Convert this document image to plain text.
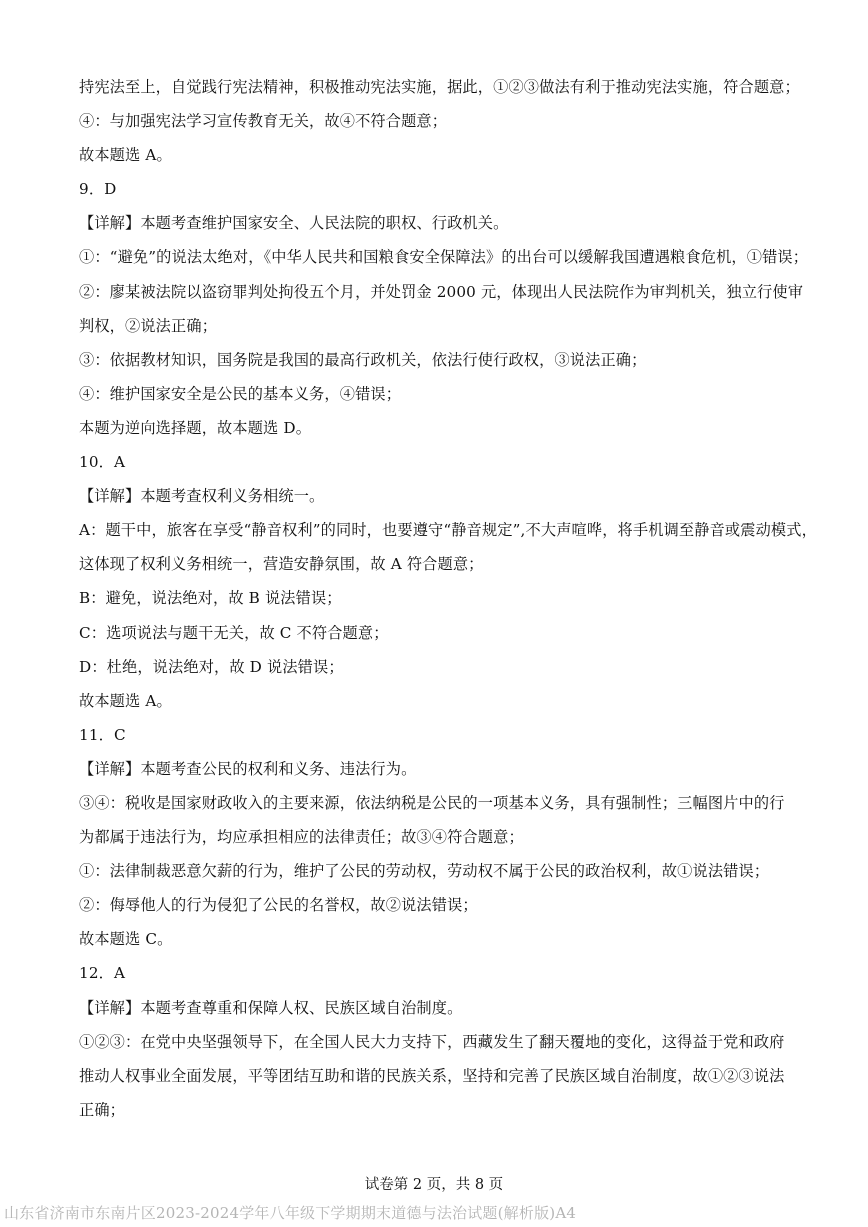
持宪法至上，自觉践行宪法精神，积极推动宪法实施，据此，①②③做法有利于推动宪法实施，符合题意；
④：与加强宪法学习宣传教育无关，故④不符合题意；
故本题选 A。
9．D
【详解】本题考查维护国家安全、人民法院的职权、行政机关。
①：“避免”的说法太绝对，《中华人民共和国粮食安全保障法》的出台可以缓解我国遭遇粮食危机，①错误；
②：廖某被法院以盗窃罪判处拘役五个月，并处罚金 2000 元，体现出人民法院作为审判机关，独立行使审
判权，②说法正确；
③：依据教材知识，国务院是我国的最高行政机关，依法行使行政权，③说法正确；
④：维护国家安全是公民的基本义务，④错误；
本题为逆向选择题，故本题选 D。
10．A
【详解】本题考查权利义务相统一。
A：题干中，旅客在享受“静音权利”的同时，也要遵守“静音规定”,不大声喧哗，将手机调至静音或震动模式，
这体现了权利义务相统一，营造安静氛围，故 A 符合题意；
B：避免，说法绝对，故 B 说法错误；
C：选项说法与题干无关，故 C 不符合题意；
D：杜绝，说法绝对，故 D 说法错误；
故本题选 A。
11．C
【详解】本题考查公民的权利和义务、违法行为。
③④：税收是国家财政收入的主要来源，依法纳税是公民的一项基本义务，具有强制性；三幅图片中的行
为都属于违法行为，均应承担相应的法律责任；故③④符合题意；
①：法律制裁恶意欠薪的行为，维护了公民的劳动权，劳动权不属于公民的政治权利，故①说法错误；
②：侮辱他人的行为侵犯了公民的名誉权，故②说法错误；
故本题选 C。
12．A
【详解】本题考查尊重和保障人权、民族区域自治制度。
①②③：在党中央坚强领导下，在全国人民大力支持下，西藏发生了翻天覆地的变化，这得益于党和政府
推动人权事业全面发展，平等团结互助和谐的民族关系，坚持和完善了民族区域自治制度，故①②③说法
正确；
试卷第 2 页，共 8 页
山东省济南市东南片区2023-2024学年八年级下学期期末道德与法治试题(解析版)A4
